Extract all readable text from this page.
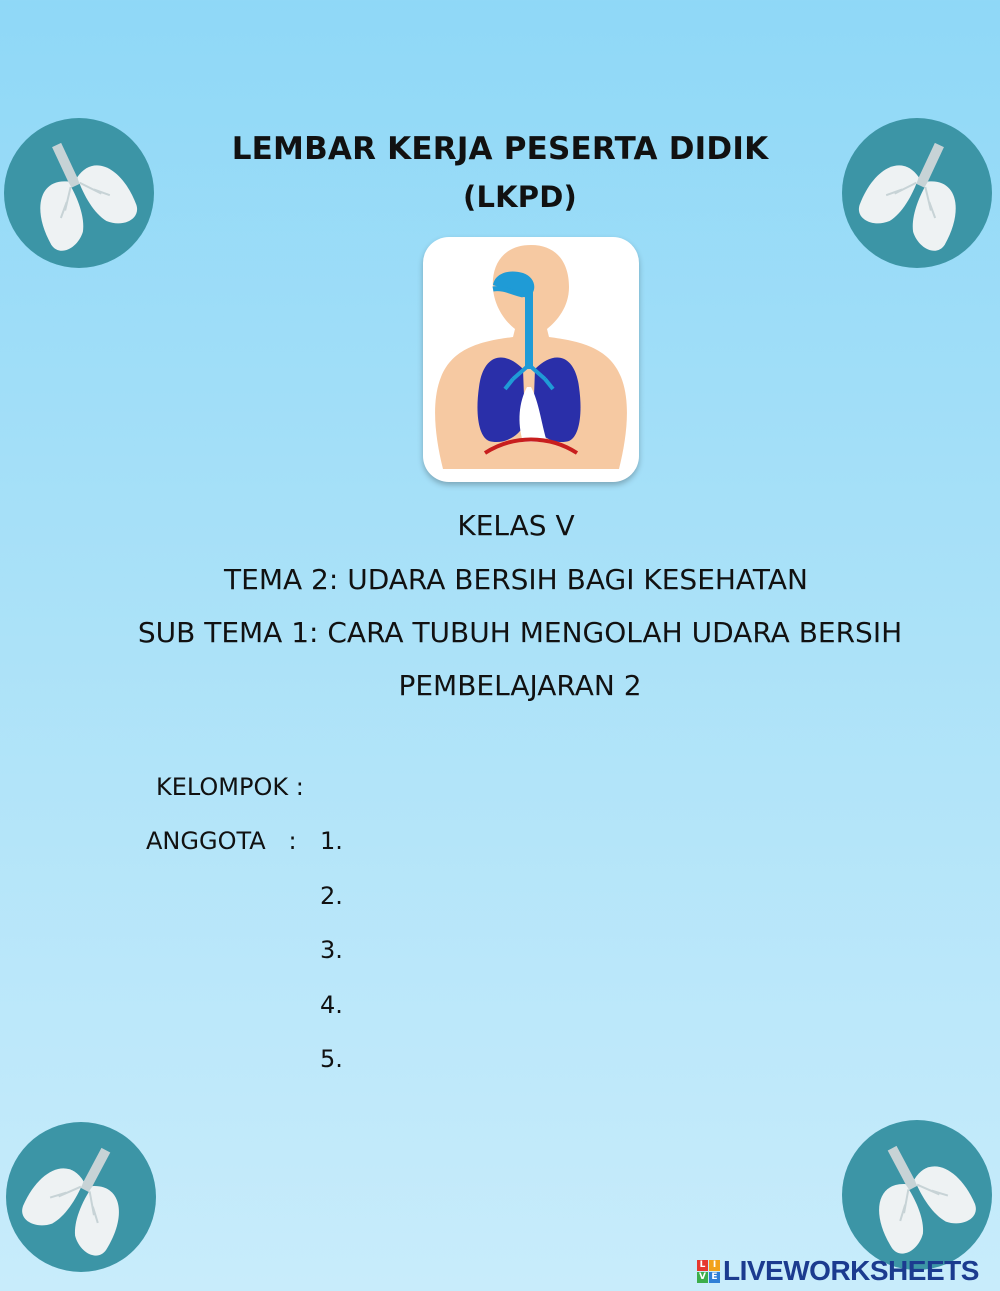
LEMBAR KERJA PESERTA DIDIK
(LKPD)
KELAS V
TEMA 2: UDARA BERSIH BAGI KESEHATAN
SUB TEMA 1: CARA TUBUH MENGOLAH UDARA BERSIH
PEMBELAJARAN 2
KELOMPOK :
ANGGOTA   : 1.
2.
3.
4.
5.
L I
V E LIVEWORKSHEETS
